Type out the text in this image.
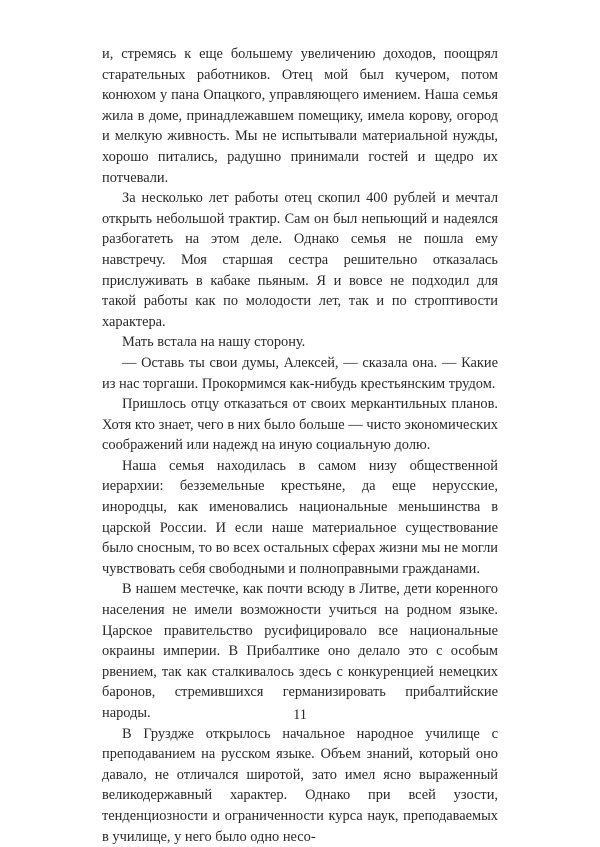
и, стремясь к еще большему увеличению доходов, поощрял старательных работников. Отец мой был кучером, потом конюхом у пана Опацкого, управляющего имением. Наша семья жила в доме, принадлежавшем помещику, имела корову, огород и мелкую живность. Мы не испытывали материальной нужды, хорошо питались, радушно принимали гостей и щедро их потчевали.

За несколько лет работы отец скопил 400 рублей и мечтал открыть небольшой трактир. Сам он был непьющий и надеялся разбогатеть на этом деле. Однако семья не пошла ему навстречу. Моя старшая сестра решительно отказалась прислуживать в кабаке пьяным. Я и вовсе не подходил для такой работы как по молодости лет, так и по строптивости характера.

Мать встала на нашу сторону.

— Оставь ты свои думы, Алексей, — сказала она. — Какие из нас торгаши. Прокормимся как-нибудь крестьянским трудом.

Пришлось отцу отказаться от своих меркантильных планов. Хотя кто знает, чего в них было больше — чисто экономических соображений или надежд на иную социальную долю.

Наша семья находилась в самом низу общественной иерархии: безземельные крестьяне, да еще нерусские, инородцы, как именовались национальные меньшинства в царской России. И если наше материальное существование было сносным, то во всех остальных сферах жизни мы не могли чувствовать себя свободными и полноправными гражданами.

В нашем местечке, как почти всюду в Литве, дети коренного населения не имели возможности учиться на родном языке. Царское правительство русифицировало все национальные окраины империи. В Прибалтике оно делало это с особым рвением, так как сталкивалось здесь с конкуренцией немецких баронов, стремившихся германизировать прибалтийские народы.

В Груздже открылось начальное народное училище с преподаванием на русском языке. Объем знаний, который оно давало, не отличался широтой, зато имел ясно выраженный великодержавный характер. Однако при всей узости, тенденциозности и ограниченности курса наук, преподаваемых в училище, у него было одно несо-

11
